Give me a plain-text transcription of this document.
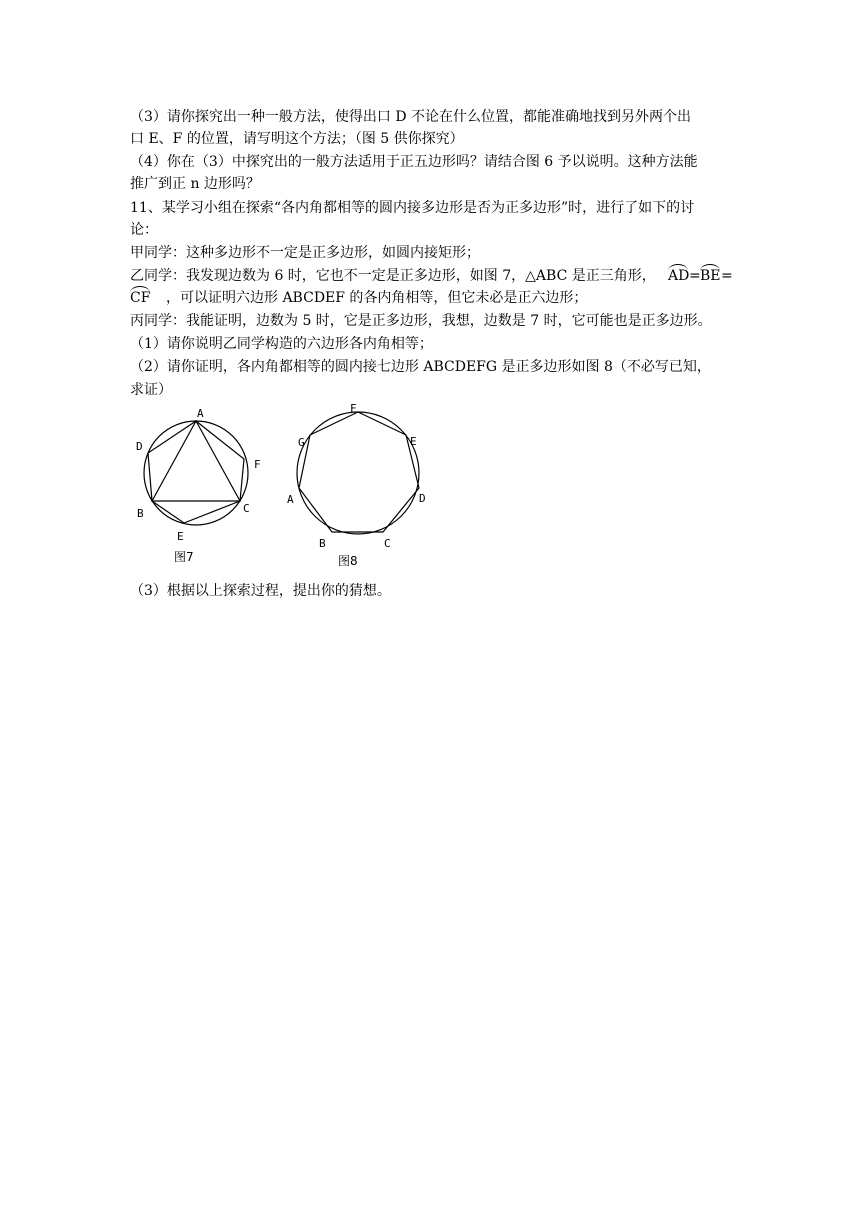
（3）请你探究出一种一般方法，使得出口 D 不论在什么位置，都能准确地找到另外两个出
口 E、F 的位置，请写明这个方法；（图 5 供你探究）
（4）你在（3）中探究出的一般方法适用于正五边形吗？请结合图 6 予以说明。这种方法能
推广到正 n 边形吗？
11、某学习小组在探索“各内角都相等的圆内接多边形是否为正多边形”时，进行了如下的讨
论：
甲同学：这种多边形不一定是正多边形，如圆内接矩形；
乙同学：我发现边数为 6 时，它也不一定是正多边形，如图 7，△ABC 是正三角形， AD = BE =
CF ，可以证明六边形 ABCDEF 的各内角相等，但它未必是正六边形；
丙同学：我能证明，边数为 5 时，它是正多边形，我想，边数是 7 时，它可能也是正多边形。
（1）请你说明乙同学构造的六边形各内角相等；
（2）请你证明，各内角都相等的圆内接七边形 ABCDEFG 是正多边形如图 8（不必写已知，
求证）
A
D
F
B	C
E
图7
F
G	E
A	D
B	C
图8
（3）根据以上探索过程，提出你的猜想。
